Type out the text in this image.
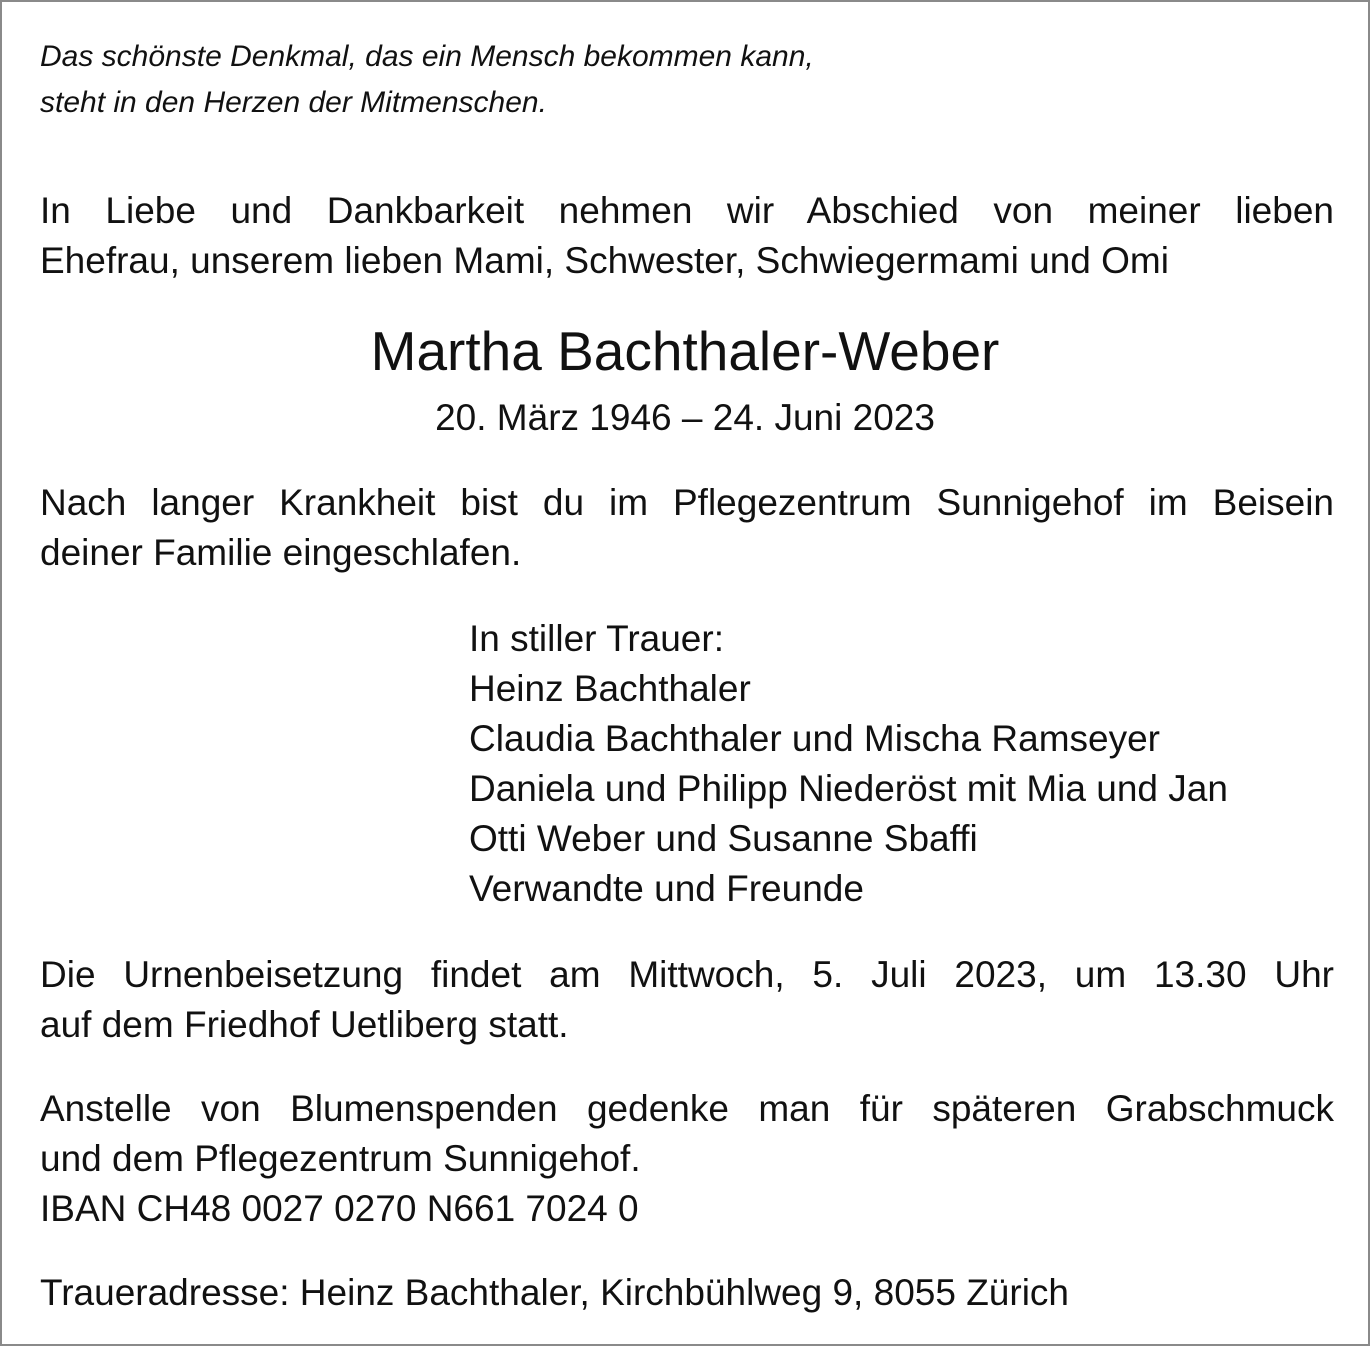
Das schönste Denkmal, das ein Mensch bekommen kann,
steht in den Herzen der Mitmenschen.

In Liebe und Dankbarkeit nehmen wir Abschied von meiner lieben
Ehefrau, unserem lieben Mami, Schwester, Schwiegermami und Omi

Martha Bachthaler-Weber

20. März 1946 – 24. Juni 2023

Nach langer Krankheit bist du im Pflegezentrum Sunnigehof im Beisein
deiner Familie eingeschlafen.

In stiller Trauer:
Heinz Bachthaler
Claudia Bachthaler und Mischa Ramseyer
Daniela und Philipp Niederöst mit Mia und Jan
Otti Weber und Susanne Sbaffi
Verwandte und Freunde

Die Urnenbeisetzung findet am Mittwoch, 5. Juli 2023, um 13.30 Uhr
auf dem Friedhof Uetliberg statt.

Anstelle von Blumenspenden gedenke man für späteren Grabschmuck
und dem Pflegezentrum Sunnigehof.
IBAN CH48 0027 0270 N661 7024 0

Traueradresse: Heinz Bachthaler, Kirchbühlweg 9, 8055 Zürich
